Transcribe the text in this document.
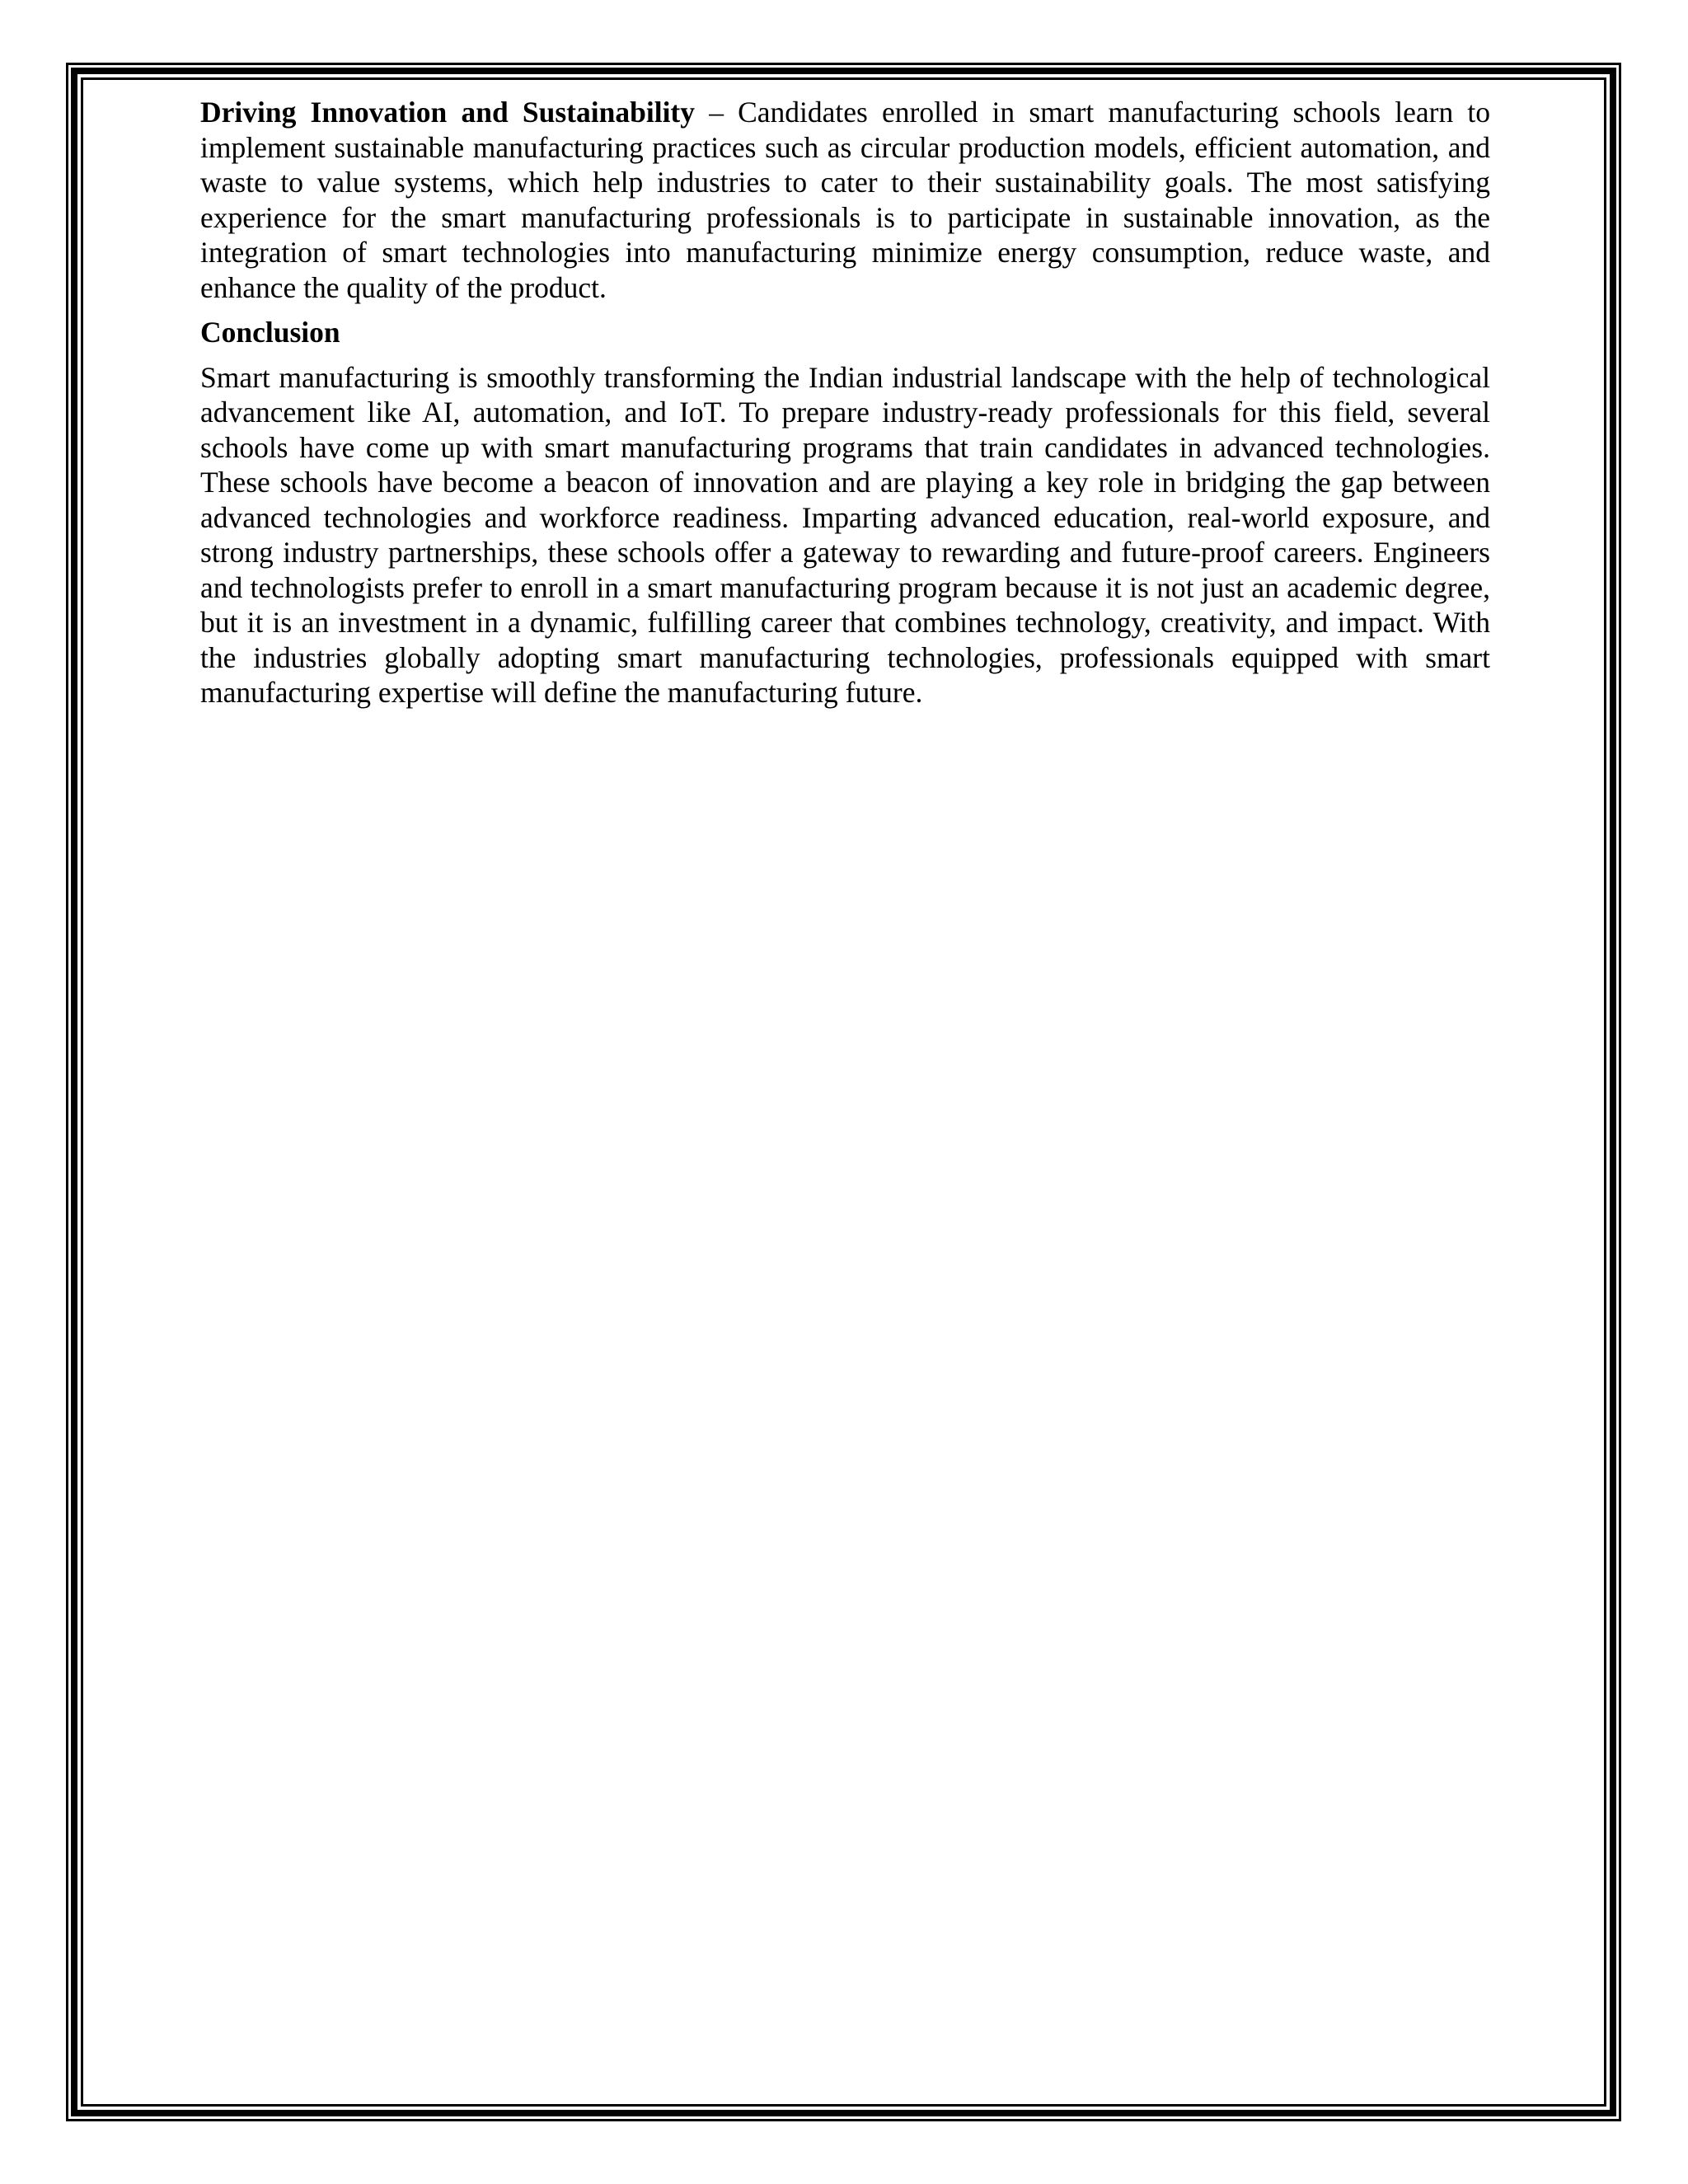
Driving Innovation and Sustainability – Candidates enrolled in smart manufacturing schools learn to implement sustainable manufacturing practices such as circular production models, efficient automation, and waste to value systems, which help industries to cater to their sustainability goals. The most satisfying experience for the smart manufacturing professionals is to participate in sustainable innovation, as the integration of smart technologies into manufacturing minimize energy consumption, reduce waste, and enhance the quality of the product.

Conclusion

Smart manufacturing is smoothly transforming the Indian industrial landscape with the help of technological advancement like AI, automation, and IoT. To prepare industry-ready professionals for this field, several schools have come up with smart manufacturing programs that train candidates in advanced technologies. These schools have become a beacon of innovation and are playing a key role in bridging the gap between advanced technologies and workforce readiness. Imparting advanced education, real-world exposure, and strong industry partnerships, these schools offer a gateway to rewarding and future-proof careers. Engineers and technologists prefer to enroll in a smart manufacturing program because it is not just an academic degree, but it is an investment in a dynamic, fulfilling career that combines technology, creativity, and impact. With the industries globally adopting smart manufacturing technologies, professionals equipped with smart manufacturing expertise will define the manufacturing future.
